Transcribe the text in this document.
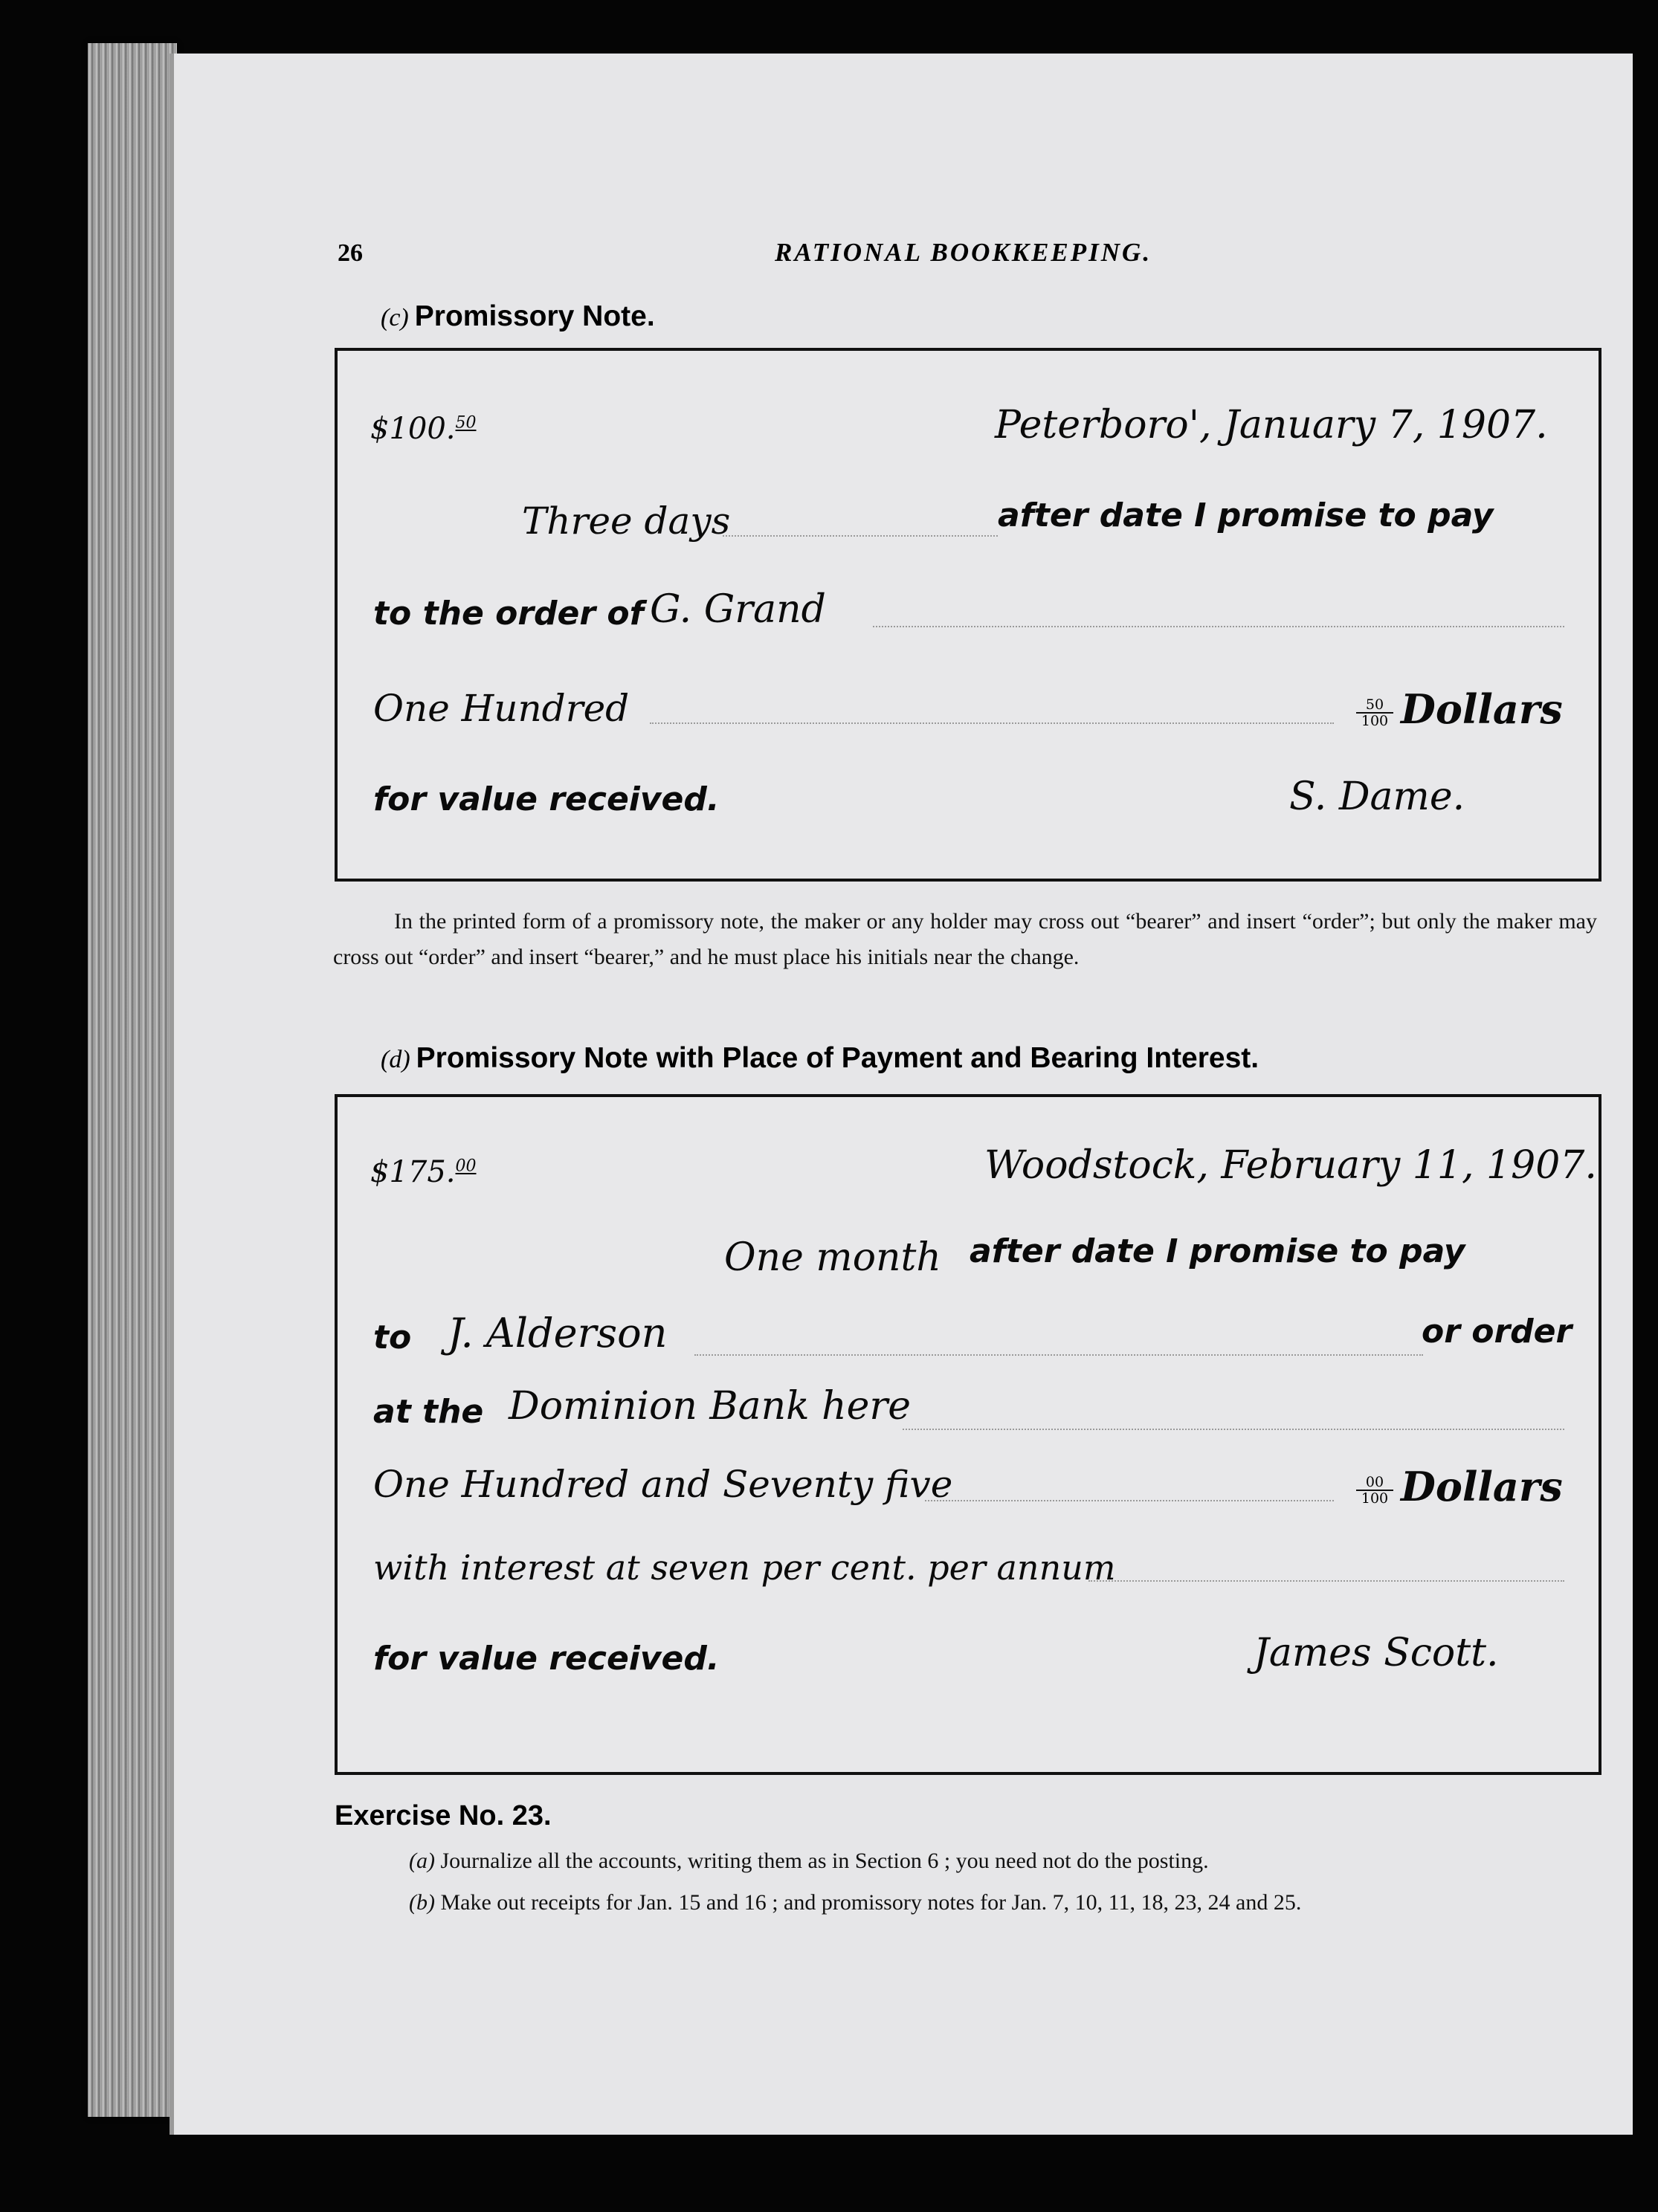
26	RATIONAL BOOKKEEPING.
(c) Promissory Note.
$100.50	Peterboro', January 7, 1907.
Three days	after date I promise to pay
to the order of G. Grand
One Hundred	$\frac{50}{100}$ Dollars
for value received.	S. Dame.
In the printed form of a promissory note, the maker or any holder may cross out “bearer” and insert “order”; but only the maker may cross out “order” and insert “bearer,” and he must place his initials near the change.
(d) Promissory Note with Place of Payment and Bearing Interest.
$175.00	Woodstock, February 11, 1907.
One month after date I promise to pay
to J. Alderson	or order
at the Dominion Bank here
One Hundred and Seventy five	$\frac{00}{100}$ Dollars
with interest at seven per cent. per annum
for value received.	James Scott.
Exercise No. 23.
(a) Journalize all the accounts, writing them as in Section 6 ; you need not do the posting.
(b) Make out receipts for Jan. 15 and 16 ; and promissory notes for Jan. 7, 10, 11, 18, 23, 24 and 25.
